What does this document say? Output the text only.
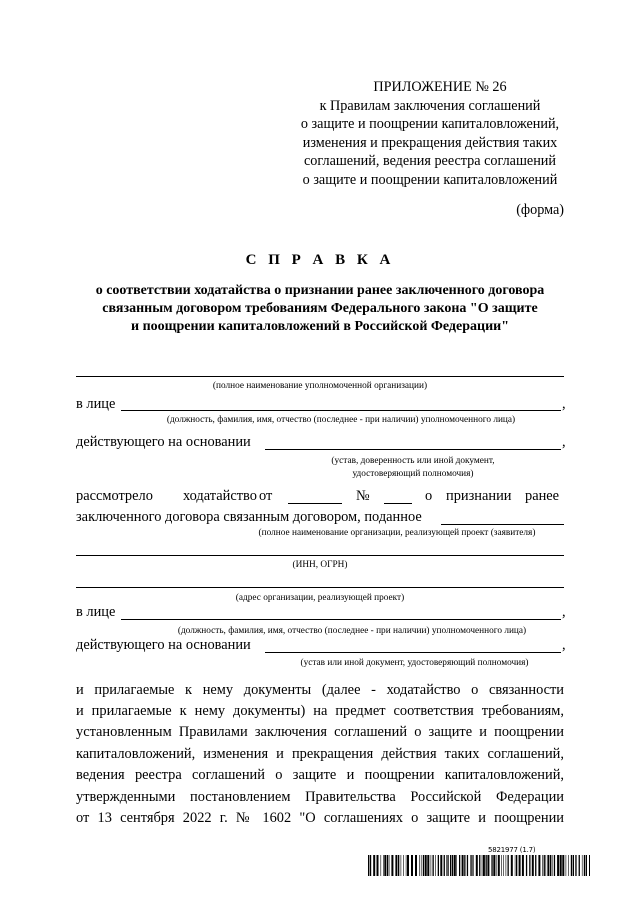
ПРИЛОЖЕНИЕ № 26
к Правилам заключения соглашений
о защите и поощрении капиталовложений,
изменения и прекращения действия таких
соглашений, ведения реестра соглашений
о защите и поощрении капиталовложений
(форма)
С П Р А В К А
о соответствии ходатайства о признании ранее заключенного договора
связанным договором требованиям Федерального закона "О защите
и поощрении капиталовложений в Российской Федерации"
(полное наименование уполномоченной организации)
в лице	,
(должность, фамилия, имя, отчество (последнее - при наличии) уполномоченного лица)
действующего на основании	,
(устав, доверенность или иной документ,
удостоверяющий полномочия)
рассмотрело ходатайство от	№	о признании ранее
заключенного договора связанным договором, поданное
(полное наименование организации, реализующей проект (заявителя)
(ИНН, ОГРН)
(адрес организации, реализующей проект)
в лице	,
(должность, фамилия, имя, отчество (последнее - при наличии) уполномоченного лица)
действующего на основании	,
(устав или иной документ, удостоверяющий полномочия)
и прилагаемые к нему документы (далее - ходатайство о связанности
и прилагаемые к нему документы) на предмет соответствия требованиям,
установленным Правилами заключения соглашений о защите и поощрении
капиталовложений, изменения и прекращения действия таких соглашений,
ведения реестра соглашений о защите и поощрении капиталовложений,
утвержденными постановлением Правительства Российской Федерации
от 13 сентября 2022 г. № 1602 "О соглашениях о защите и поощрении
5821977 (1.7)
